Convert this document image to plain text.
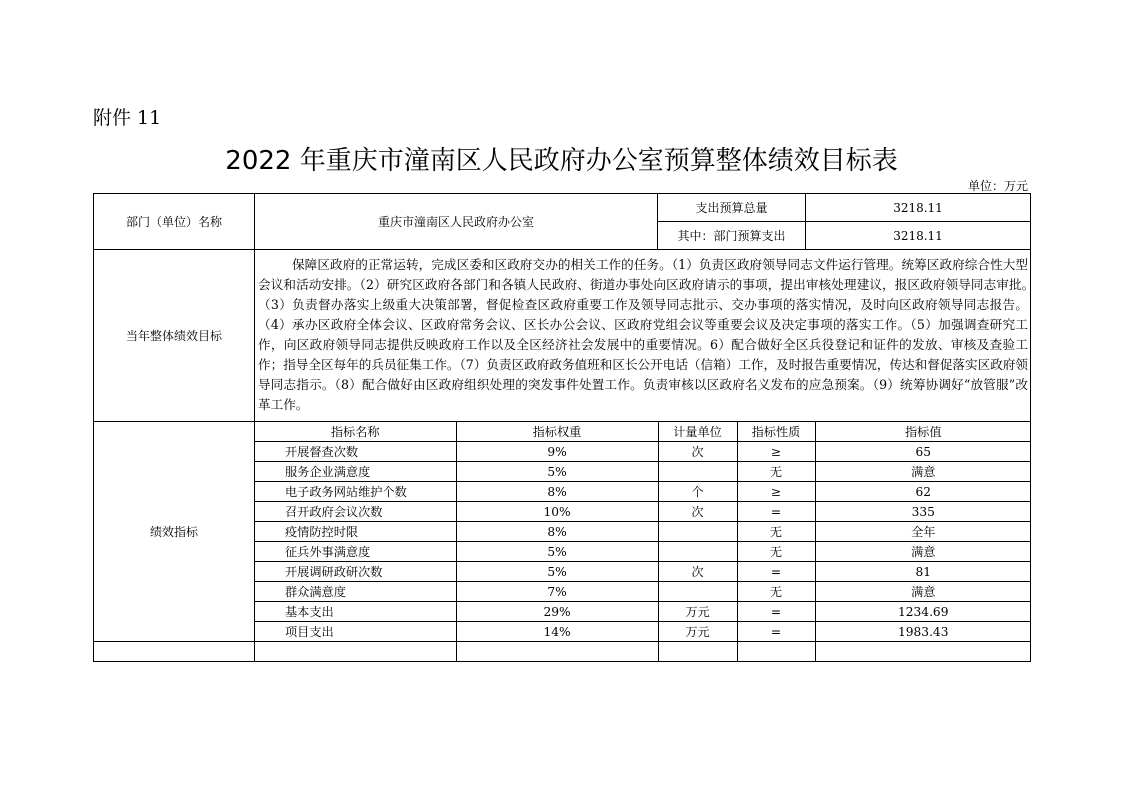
附件 11
2022 年重庆市潼南区人民政府办公室预算整体绩效目标表
单位：万元
部门（单位）名称	重庆市潼南区人民政府办公室	支出预算总量	3218.11
其中：部门预算支出	3218.11
当年整体绩效目标	
保障区政府的正常运转，完成区委和区政府交办的相关工作的任务。（1）负责区政府领导同志文件运行管理。统筹区政府综合性大型会议和活动安排。（2）研究区政府各部门和各镇人民政府、街道办事处向区政府请示的事项，提出审核处理建议，报区政府领导同志审批。　（3）负责督办落实上级重大决策部署，督促检查区政府重要工作及领导同志批示、交办事项的落实情况，及时向区政府领导同志报告。（4）承办区政府全体会议、区政府常务会议、区长办公会议、区政府党组会议等重要会议及决定事项的落实工作。（5）加强调查研究工作，向区政府领导同志提供反映政府工作以及全区经济社会发展中的重要情况。6）配合做好全区兵役登记和证件的发放、审核及查验工作；指导全区每年的兵员征集工作。（7）负责区政府政务值班和区长公开电话（信箱）工作，及时报告重要情况，传达和督促落实区政府领导同志指示。（8）配合做好由区政府组织处理的突发事件处置工作。负责审核以区政府名义发布的应急预案。（9）统筹协调好“放管服”改革工作。

绩效指标	
指标名称	指标权重	计量单位	指标性质	指标值
开展督查次数	9%	次	≥	65
服务企业满意度	5%		无	满意
电子政务网站维护个数	8%	个	≥	62
召开政府会议次数	10%	次	=	335
疫情防控时限	8%		无	全年
征兵外事满意度	5%		无	满意
开展调研政研次数	5%	次	=	81
群众满意度	7%		无	满意
基本支出	29%	万元	=	1234.69
项目支出	14%	万元	=	1983.43
